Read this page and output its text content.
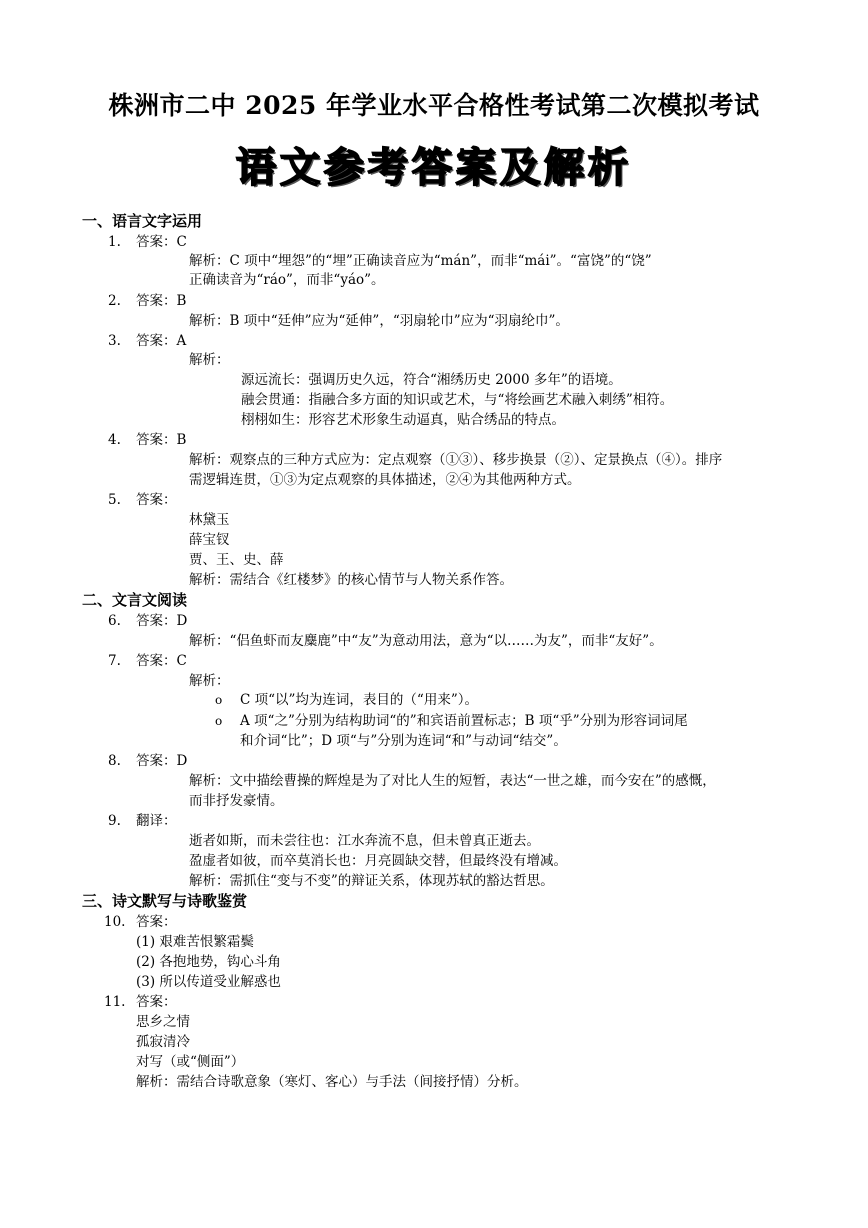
株洲市二中 2025 年学业水平合格性考试第二次模拟考试
语文参考答案及解析
一、语言文字运用
1. 答案：C
解析：C 项中“埋怨”的“埋”正确读音应为“mán”，而非“mái”。“富饶”的“饶”
正确读音为“ráo”，而非“yáo”。
2. 答案：B
解析：B 项中“廷伸”应为“延伸”，“羽扇轮巾”应为“羽扇纶巾”。
3. 答案：A
解析：
源远流长：强调历史久远，符合“湘绣历史 2000 多年”的语境。
融会贯通：指融合多方面的知识或艺术，与“将绘画艺术融入刺绣”相符。
栩栩如生：形容艺术形象生动逼真，贴合绣品的特点。
4. 答案：B
解析：观察点的三种方式应为：定点观察（①③）、移步换景（②）、定景换点（④）。排序
需逻辑连贯，①③为定点观察的具体描述，②④为其他两种方式。
5. 答案：
林黛玉
薛宝钗
贾、王、史、薛
解析：需结合《红楼梦》的核心情节与人物关系作答。
二、文言文阅读
6. 答案：D
解析：“侣鱼虾而友麋鹿”中“友”为意动用法，意为“以……为友”，而非“友好”。
7. 答案：C
解析：
o C 项“以”均为连词，表目的（“用来”）。
o A 项“之”分别为结构助词“的”和宾语前置标志；B 项“乎”分别为形容词词尾
和介词“比”；D 项“与”分别为连词“和”与动词“结交”。
8. 答案：D
解析：文中描绘曹操的辉煌是为了对比人生的短暂，表达“一世之雄，而今安在”的感慨，
而非抒发豪情。
9. 翻译：
逝者如斯，而未尝往也：江水奔流不息，但未曾真正逝去。
盈虚者如彼，而卒莫消长也：月亮圆缺交替，但最终没有增减。
解析：需抓住“变与不变”的辩证关系，体现苏轼的豁达哲思。
三、诗文默写与诗歌鉴赏
10. 答案：
(1) 艰难苦恨繁霜鬓
(2) 各抱地势，钩心斗角
(3) 所以传道受业解惑也
11. 答案：
思乡之情
孤寂清冷
对写（或“侧面”）
解析：需结合诗歌意象（寒灯、客心）与手法（间接抒情）分析。
